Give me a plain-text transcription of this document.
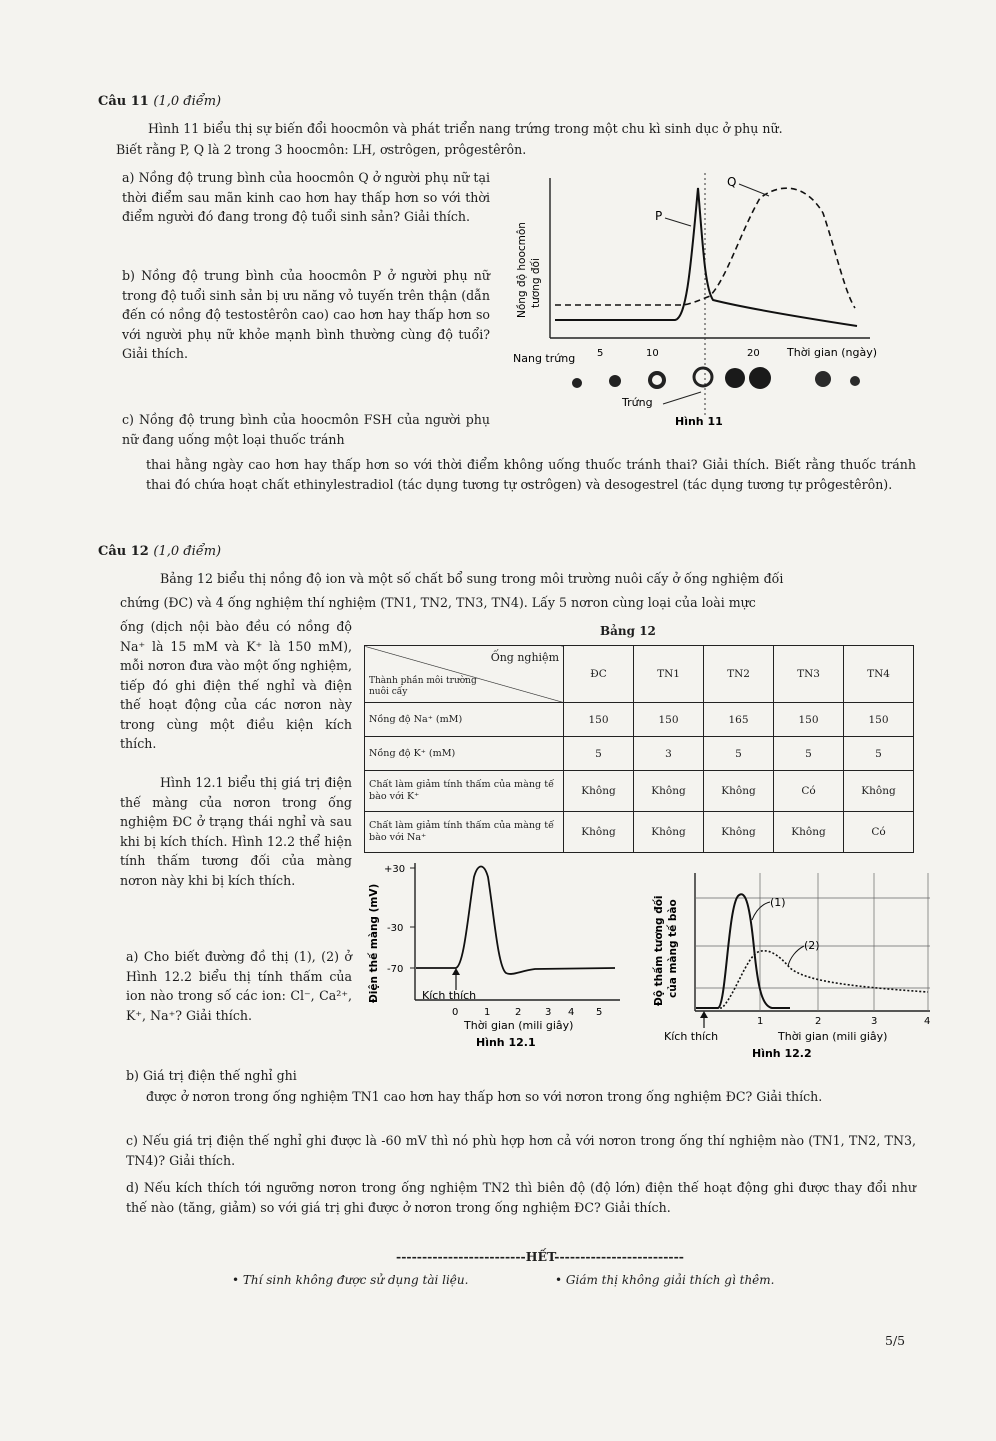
Câu 11 (1,0 điểm)
Hình 11 biểu thị sự biến đổi hoocmôn và phát triển nang trứng trong một chu kì sinh dục ở phụ nữ.
Biết rằng P, Q là 2 trong 3 hoocmôn: LH, ơstrôgen, prôgestêrôn.
a) Nồng độ trung bình của hoocmôn Q ở người phụ nữ tại thời điểm sau mãn kinh cao hơn hay thấp hơn so với thời điểm người đó đang trong độ tuổi sinh sản? Giải thích.
b) Nồng độ trung bình của hoocmôn P ở người phụ nữ trong độ tuổi sinh sản bị ưu năng vỏ tuyến trên thận (dẫn đến có nồng độ testostêrôn cao) cao hơn hay thấp hơn so với người phụ nữ khỏe mạnh bình thường cùng độ tuổi? Giải thích.
c) Nồng độ trung bình của hoocmôn FSH của người phụ nữ đang uống một loại thuốc tránh
thai hằng ngày cao hơn hay thấp hơn so với thời điểm không uống thuốc tránh thai? Giải thích. Biết rằng thuốc tránh thai đó chứa hoạt chất ethinylestradiol (tác dụng tương tự ơstrôgen) và desogestrel (tác dụng tương tự prôgestêrôn).
P
Q
Nồng độ hoocmôn tương đối
5	10	20 Thời gian (ngày)
Nang trứng
Trứng
Hình 11
Câu 12 (1,0 điểm)
Bảng 12 biểu thị nồng độ ion và một số chất bổ sung trong môi trường nuôi cấy ở ống nghiệm đối
chứng (ĐC) và 4 ống nghiệm thí nghiệm (TN1, TN2, TN3, TN4). Lấy 5 nơron cùng loại của loài mực
ống (dịch nội bào đều có nồng độ Na⁺ là 15 mM và K⁺ là 150 mM), mỗi nơron đưa vào một ống nghiệm, tiếp đó ghi điện thế nghỉ và điện thế hoạt động của các nơron này trong cùng một điều kiện kích thích.
Hình 12.1 biểu thị giá trị điện thế màng của nơron trong ống nghiệm ĐC ở trạng thái nghỉ và sau khi bị kích thích. Hình 12.2 thể hiện tính thấm tương đối của màng nơron này khi bị kích thích.
a) Cho biết đường đồ thị (1), (2) ở Hình 12.2 biểu thị tính thấm của ion nào trong số các ion: Cl⁻, Ca²⁺, K⁺, Na⁺? Giải thích.
b) Giá trị điện thế nghỉ ghi
được ở nơron trong ống nghiệm TN1 cao hơn hay thấp hơn so với nơron trong ống nghiệm ĐC? Giải thích.
c) Nếu giá trị điện thế nghỉ ghi được là -60 mV thì nó phù hợp hơn cả với nơron trong ống thí nghiệm nào (TN1, TN2, TN3, TN4)? Giải thích.
d) Nếu kích thích tới ngưỡng nơron trong ống nghiệm TN2 thì biên độ (độ lớn) điện thế hoạt động ghi được thay đổi như thế nào (tăng, giảm) so với giá trị ghi được ở nơron trong ống nghiệm ĐC? Giải thích.
Bảng 12
Ống nghiệm
Thành phần môi trường nuôi cấy	ĐC	TN1	TN2	TN3	TN4
Nồng độ Na⁺ (mM)	150	150	165	150	150
Nồng độ K⁺ (mM)	5	3	5	5	5
Chất làm giảm tính thấm của màng tế bào với K⁺	Không	Không	Không	Có	Không
Chất làm giảm tính thấm của màng tế bào với Na⁺	Không	Không	Không	Không	Có
+30
-30
-70
Kích thích
0	1 2 3 4 5
Thời gian (mili giây)
Hình 12.1
Điện thế màng (mV)	(1)
(2)
1	2	3	4
Kích thích	Thời gian (mili giây)
Hình 12.2
Độ thấm tương đối của màng tế bào
-------------------------HẾT-------------------------
• Thí sinh không được sử dụng tài liệu.	• Giám thị không giải thích gì thêm.
5/5
